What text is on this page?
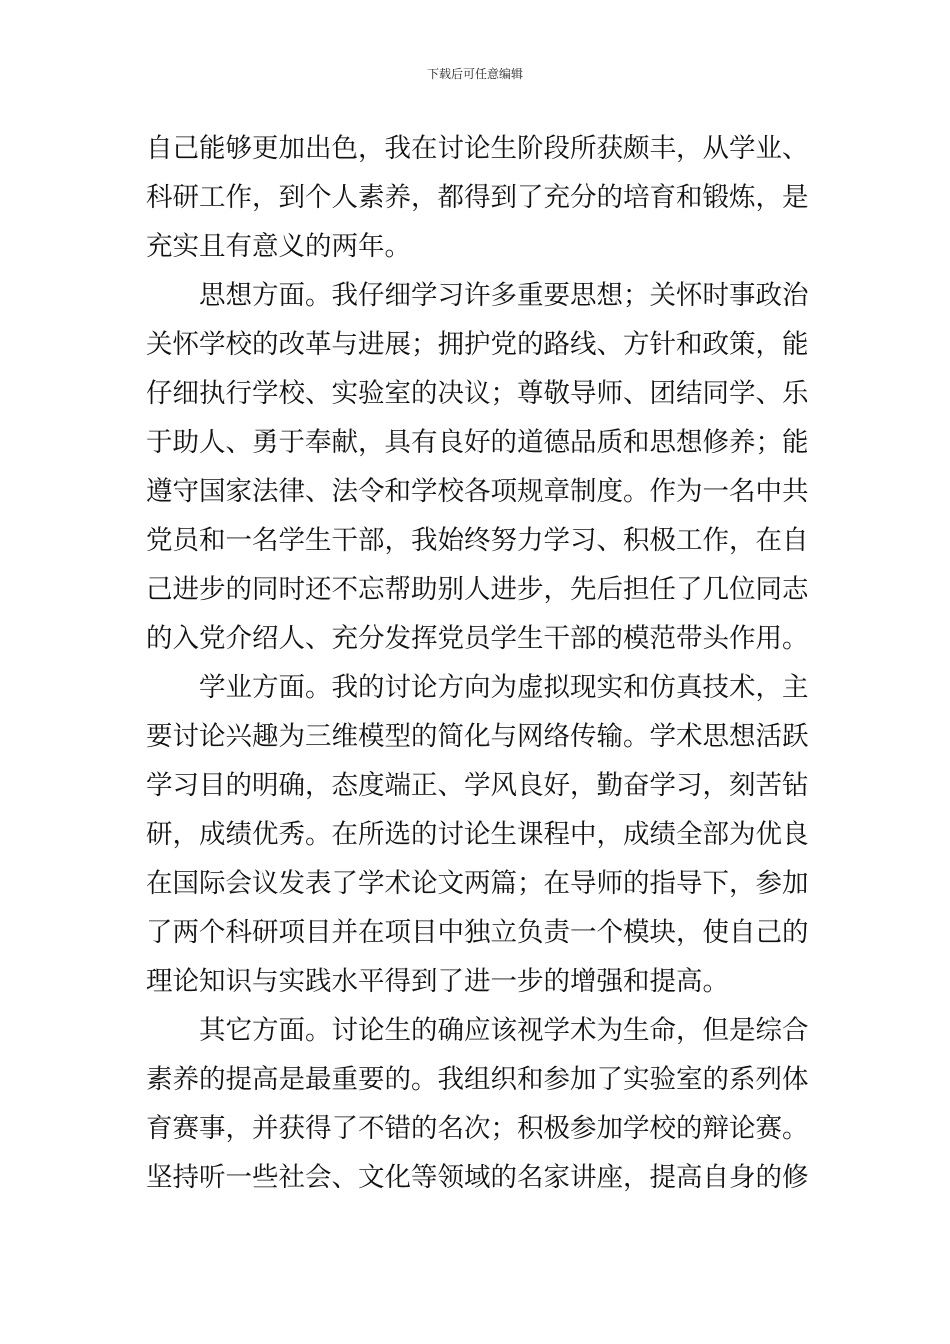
下载后可任意编辑
自己能够更加出色，我在讨论生阶段所获颇丰，从学业、
科研工作，到个人素养，都得到了充分的培育和锻炼，是
充实且有意义的两年。
　　思想方面。我仔细学习许多重要思想；关怀时事政治
关怀学校的改革与进展；拥护党的路线、方针和政策，能
仔细执行学校、实验室的决议；尊敬导师、团结同学、乐
于助人、勇于奉献，具有良好的道德品质和思想修养；能
遵守国家法律、法令和学校各项规章制度。作为一名中共
党员和一名学生干部，我始终努力学习、积极工作，在自
己进步的同时还不忘帮助别人进步，先后担任了几位同志
的入党介绍人、充分发挥党员学生干部的模范带头作用。
　　学业方面。我的讨论方向为虚拟现实和仿真技术，主
要讨论兴趣为三维模型的简化与网络传输。学术思想活跃
学习目的明确，态度端正、学风良好，勤奋学习，刻苦钻
研，成绩优秀。在所选的讨论生课程中，成绩全部为优良
在国际会议发表了学术论文两篇；在导师的指导下，参加
了两个科研项目并在项目中独立负责一个模块，使自己的
理论知识与实践水平得到了进一步的增强和提高。
　　其它方面。讨论生的确应该视学术为生命，但是综合
素养的提高是最重要的。我组织和参加了实验室的系列体
育赛事，并获得了不错的名次；积极参加学校的辩论赛。
坚持听一些社会、文化等领域的名家讲座，提高自身的修
